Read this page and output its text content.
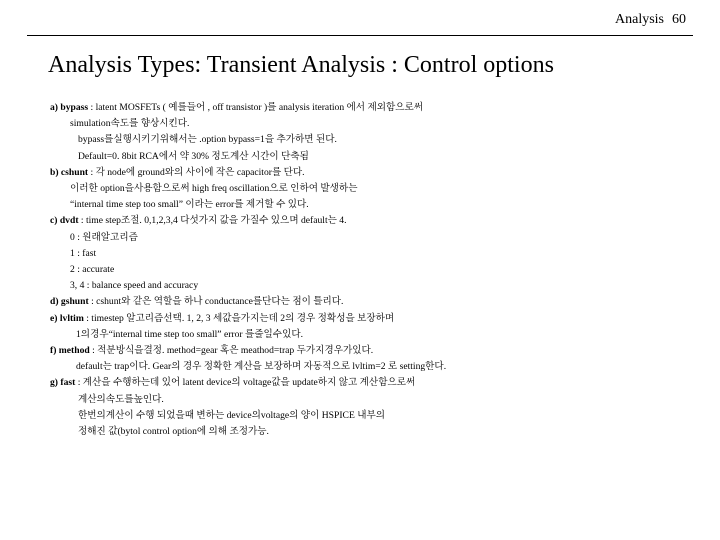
Analysis 60
Analysis Types: Transient Analysis : Control options
a) bypass : latent MOSFETs ( 예를들어 , off transistor )를 analysis iteration 에서 제외함으로써
simulation속도를 향상시킨다.
bypass를실행시키기위해서는 .option bypass=1을 추가하면 된다.
Default=0. 8bit RCA에서 약 30% 정도계산 시간이 단축됨
b) cshunt : 각 node에 ground와의 사이에 작은 capacitor를 단다.
이러한 option을사용함으로써 high freq oscillation으로 인하여 발생하는
“internal time step too small” 이라는 error를 제거할 수 있다.
c) dvdt : time step조절. 0,1,2,3,4 다섯가지 값을 가질수 있으며 default는 4.
0 : 원래알고리즘
1 : fast
2 : accurate
3, 4 : balance speed and accuracy
d) gshunt : cshunt와 같은 역할을 하나 conductance를단다는 점이 틀리다.
e) lvltim : timestep 알고리즘선택. 1, 2, 3 세값을가지는데 2의 경우 정확성을 보장하며
1의경우“internal time step too small” error 를줄일수있다.
f) method : 적분방식을결정. method=gear 혹은 meathod=trap 두가지경우가있다.
default는 trap이다. Gear의 경우 정확한 계산을 보장하며 자동적으로 lvltim=2 로 setting한다.
g) fast : 계산을 수행하는데 있어 latent device의 voltage값을 update하지 않고 계산함으로써
계산의속도를높인다.
한번의계산이 수행 되었을때 변하는 device의voltage의 양이 HSPICE 내부의
정해진 값(bytol control option에 의해 조정가능.
